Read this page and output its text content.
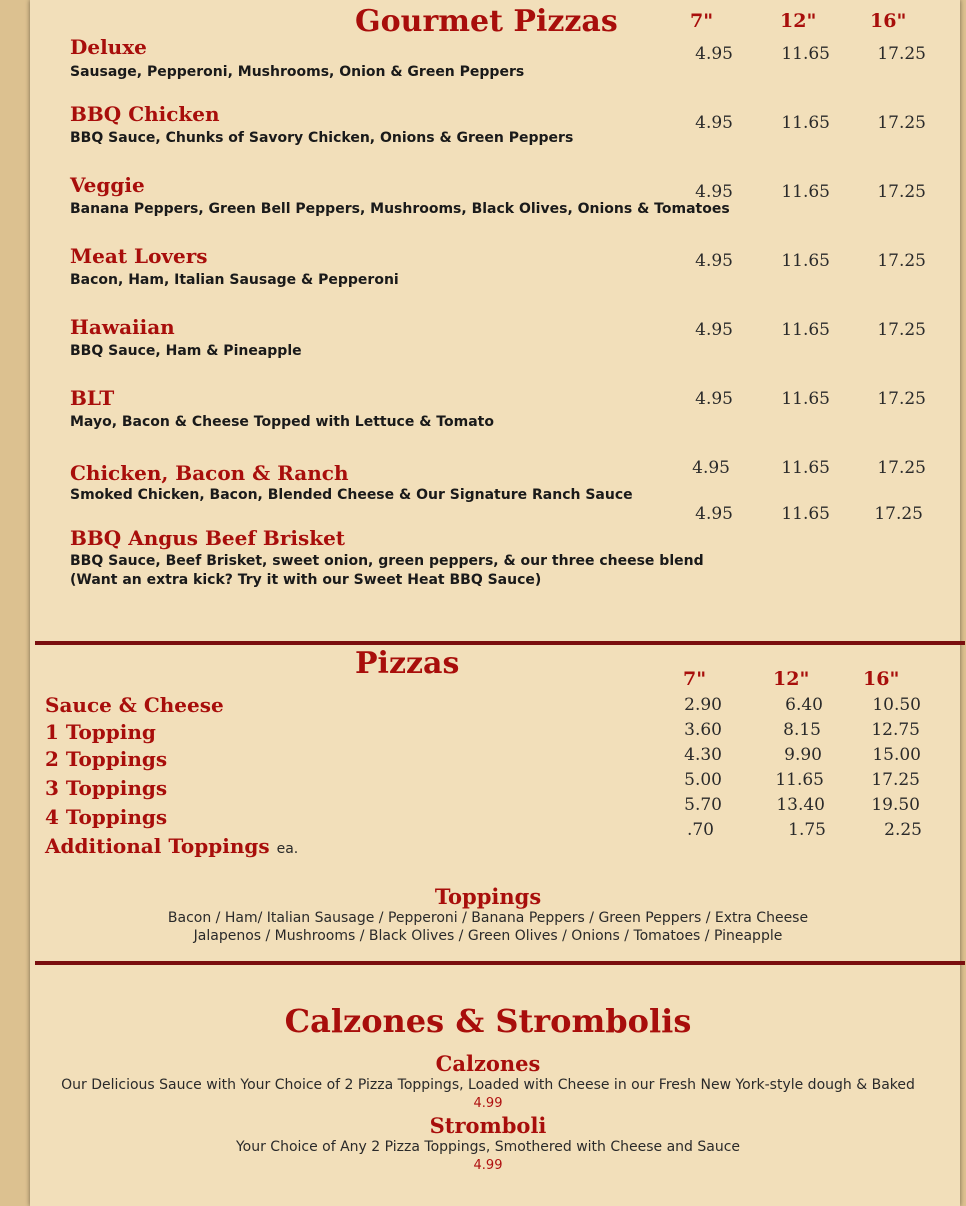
Gourmet Pizzas	7"	12"	16"
Deluxe
Sausage, Pepperoni, Mushrooms, Onion & Green Peppers
4.95	11.65	17.25
BBQ Chicken
BBQ Sauce, Chunks of Savory Chicken, Onions & Green Peppers
4.95	11.65	17.25
Veggie
Banana Peppers, Green Bell Peppers, Mushrooms, Black Olives, Onions & Tomatoes
4.95	11.65	17.25
Meat Lovers
Bacon, Ham, Italian Sausage & Pepperoni
4.95	11.65	17.25
Hawaiian
BBQ Sauce, Ham & Pineapple
4.95	11.65	17.25
BLT
Mayo, Bacon & Cheese Topped with Lettuce & Tomato
4.95	11.65	17.25
Chicken, Bacon & Ranch
Smoked Chicken, Bacon, Blended Cheese & Our Signature Ranch Sauce
4.95	11.65	17.25
BBQ Angus Beef Brisket
BBQ Sauce, Beef Brisket, sweet onion, green peppers, & our three cheese blend
(Want an extra kick? Try it with our Sweet Heat BBQ Sauce)
4.95	11.65	17.25
Pizzas	7"	12"	16"
Sauce & Cheese	2.90	6.40	10.50
1 Topping	3.60	8.15	12.75
2 Toppings	4.30	9.90	15.00
3 Toppings	5.00	11.65	17.25
4 Toppings	5.70	13.40	19.50
Additional Toppings ea.
.70	1.75	2.25
Toppings
Bacon / Ham/ Italian Sausage / Pepperoni / Banana Peppers / Green Peppers / Extra Cheese
Jalapenos / Mushrooms / Black Olives / Green Olives / Onions / Tomatoes / Pineapple
Calzones & Strombolis
Calzones
Our Delicious Sauce with Your Choice of 2 Pizza Toppings, Loaded with Cheese in our Fresh New York-style dough & Baked
4.99
Stromboli
Your Choice of Any 2 Pizza Toppings, Smothered with Cheese and Sauce
4.99
